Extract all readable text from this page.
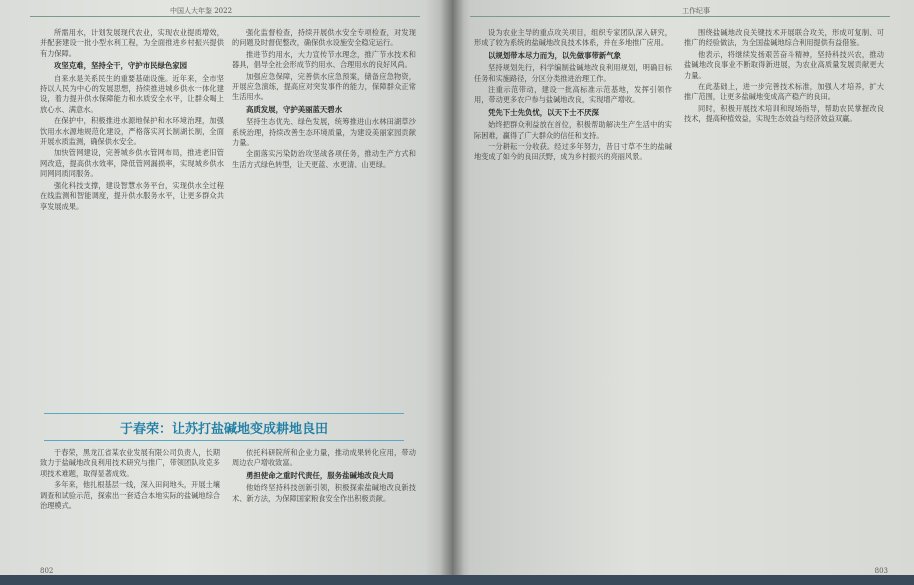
中国人大年鉴 2022

所需用水，计划发展现代农业，实现农业提质增效，并配套建设一批小型水利工程，为全面推进乡村振兴提供有力保障。

攻坚克难，坚持全干，守护市民绿色家园

自来水是关系民生的重要基础设施。近年来，全市坚持以人民为中心的发展思想，持续推进城乡供水一体化建设，着力提升供水保障能力和水质安全水平，让群众喝上放心水、满意水。

在保护中，积极推进水源地保护和水环境治理，加强饮用水水源地规范化建设，严格落实河长制湖长制，全面开展水质监测，确保供水安全。

加快管网建设，完善城乡供水管网布局，推进老旧管网改造，提高供水效率，降低管网漏损率，实现城乡供水同网同质同服务。

强化科技支撑，建设智慧水务平台，实现供水全过程在线监测和智能调度，提升供水服务水平，让更多群众共享发展成果。

强化监督检查，持续开展供水安全专项检查，对发现的问题及时督促整改，确保供水设施安全稳定运行。

推进节约用水，大力宣传节水理念，推广节水技术和器具，倡导全社会形成节约用水、合理用水的良好风尚。

加强应急保障，完善供水应急预案，储备应急物资，开展应急演练，提高应对突发事件的能力，保障群众正常生活用水。

高质发展，守护美丽蓝天碧水

坚持生态优先、绿色发展，统筹推进山水林田湖草沙系统治理，持续改善生态环境质量，为建设美丽家园贡献力量。

全面落实污染防治攻坚战各项任务，推动生产方式和生活方式绿色转型，让天更蓝、水更清、山更绿。

于春荣：让苏打盐碱地变成耕地良田

于春荣，黑龙江省某农业发展有限公司负责人，长期致力于盐碱地改良利用技术研究与推广，带领团队攻克多项技术难题，取得显著成效。

多年来，他扎根基层一线，深入田间地头，开展土壤调查和试验示范，探索出一套适合本地实际的盐碱地综合治理模式。

依托科研院所和企业力量，推动成果转化应用，带动周边农户增收致富。

勇担使命之重时代责任，服务盐碱地改良大局

他始终坚持科技创新引领，积极探索盐碱地改良新技术、新方法，为保障国家粮食安全作出积极贡献。

802
工作纪事

设为农业主导的重点攻关项目，组织专家团队深入研究，形成了较为系统的盐碱地改良技术体系，并在多地推广应用。

以规划带本尽力而为，以先做事带新气象

坚持规划先行，科学编制盐碱地改良利用规划，明确目标任务和实施路径，分区分类推进治理工作。

注重示范带动，建设一批高标准示范基地，发挥引领作用，带动更多农户参与盐碱地改良，实现增产增收。

凭先下士先负忧，以天下士不厌深

始终把群众利益放在首位，积极帮助解决生产生活中的实际困难，赢得了广大群众的信任和支持。

一分耕耘一分收获。经过多年努力，昔日寸草不生的盐碱地变成了如今的良田沃野，成为乡村振兴的亮丽风景。

围绕盐碱地改良关键技术开展联合攻关，形成可复制、可推广的经验做法，为全国盐碱地综合利用提供有益借鉴。

他表示，将继续发扬艰苦奋斗精神，坚持科技兴农，推动盐碱地改良事业不断取得新进展，为农业高质量发展贡献更大力量。

在此基础上，进一步完善技术标准，加强人才培养，扩大推广范围，让更多盐碱地变成高产稳产的良田。

同时，积极开展技术培训和现场指导，帮助农民掌握改良技术，提高种植效益，实现生态效益与经济效益双赢。

803
